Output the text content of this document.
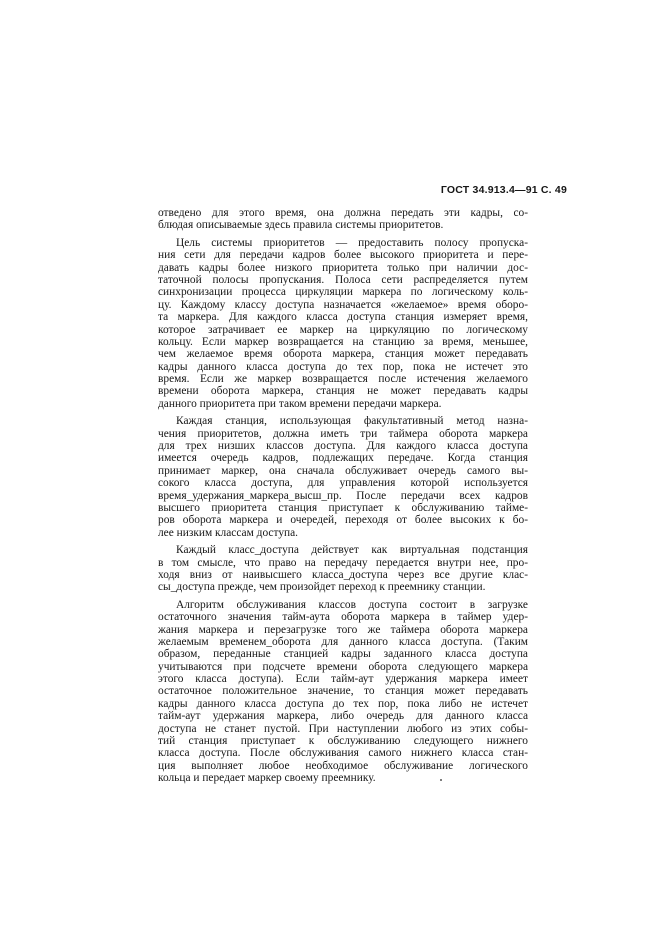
ГОСТ 34.913.4—91 С. 49
отведено для этого время, она должна передать эти кадры, со-
блюдая описываемые здесь правила системы приоритетов.
Цель системы приоритетов — предоставить полосу пропуска-
ния сети для передачи кадров более высокого приоритета и пере-
давать кадры более низкого приоритета только при наличии дос-
таточной полосы пропускания. Полоса сети распределяется путем
синхронизации процесса циркуляции маркера по логическому коль-
цу. Каждому классу доступа назначается «желаемое» время оборо-
та маркера. Для каждого класса доступа станция измеряет время,
которое затрачивает ее маркер на циркуляцию по логическому
кольцу. Если маркер возвращается на станцию за время, меньшее,
чем желаемое время оборота маркера, станция может передавать
кадры данного класса доступа до тех пор, пока не истечет это
время. Если же маркер возвращается после истечения желаемого
времени оборота маркера, станция не может передавать кадры
данного приоритета при таком времени передачи маркера.
Каждая станция, использующая факультативный метод назна-
чения приоритетов, должна иметь три таймера оборота маркера
для трех низших классов доступа. Для каждого класса доступа
имеется очередь кадров, подлежащих передаче. Когда станция
принимает маркер, она сначала обслуживает очередь самого вы-
сокого класса доступа, для управления которой используется
время_удержания_маркера_высш_пр. После передачи всех кадров
высшего приоритета станция приступает к обслуживанию тайме-
ров оборота маркера и очередей, переходя от более высоких к бо-
лее низким классам доступа.
Каждый класс_доступа действует как виртуальная подстанция
в том смысле, что право на передачу передается внутри нее, про-
ходя вниз от наивысшего класса_доступа через все другие клас-
сы_доступа прежде, чем произойдет переход к преемнику станции.
Алгоритм обслуживания классов доступа состоит в загрузке
остаточного значения тайм-аута оборота маркера в таймер удер-
жания маркера и перезагрузке того же таймера оборота маркера
желаемым временем_оборота для данного класса доступа. (Таким
образом, переданные станцией кадры заданного класса доступа
учитываются при подсчете времени оборота следующего маркера
этого класса доступа). Если тайм-аут удержания маркера имеет
остаточное положительное значение, то станция может передавать
кадры данного класса доступа до тех пор, пока либо не истечет
тайм-аут удержания маркера, либо очередь для данного класса
доступа не станет пустой. При наступлении любого из этих собы-
тий станция приступает к обслуживанию следующего нижнего
класса доступа. После обслуживания самого нижнего класса стан-
ция выполняет любое необходимое обслуживание логического
кольца и передает маркер своему преемнику.
